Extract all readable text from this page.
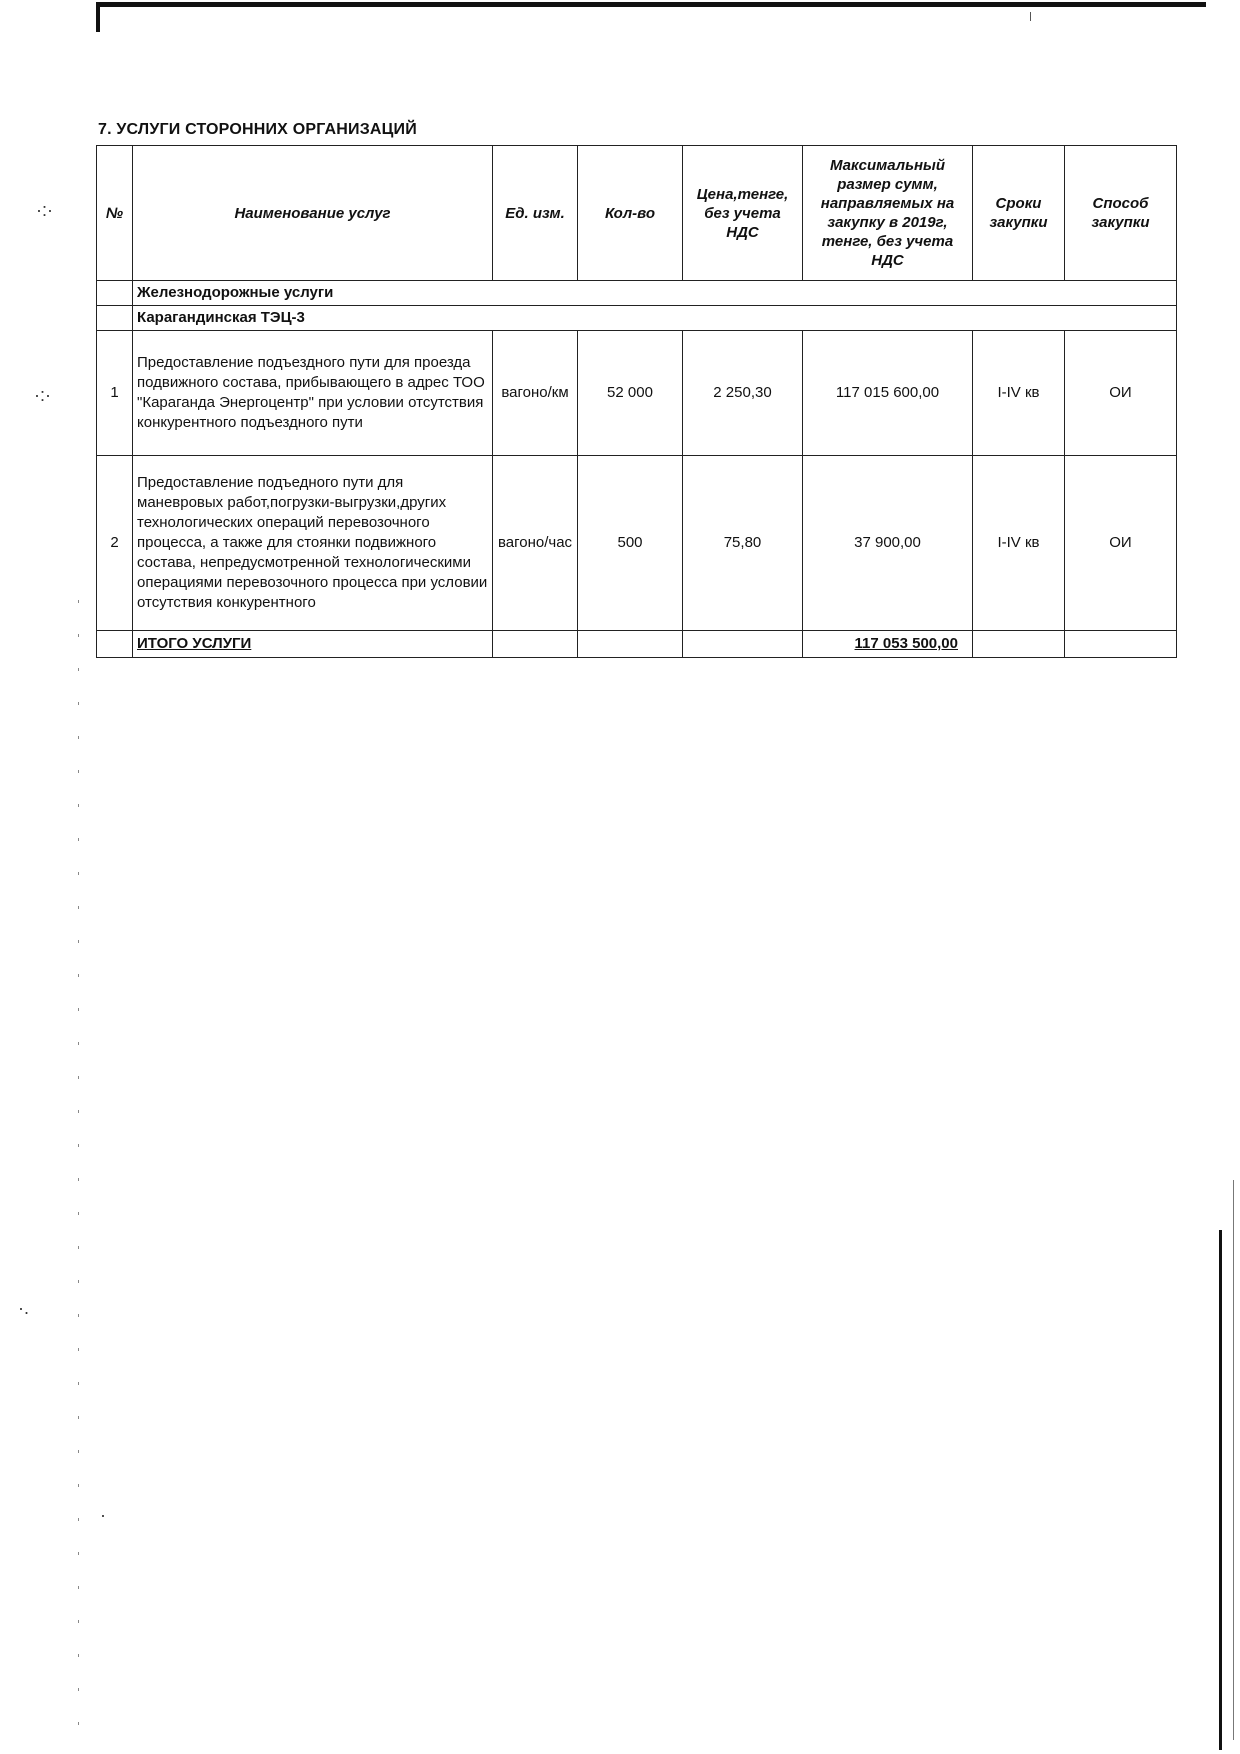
·:·
·:·
·.
·
7. УСЛУГИ СТОРОННИХ ОРГАНИЗАЦИЙ
№	Наименование услуг	Ед. изм.	Кол-во	Цена,тенге, без учета НДС	Максимальный размер сумм, направляемых на закупку в 2019г, тенге, без учета НДС	Сроки закупки	Способ закупки
	Железнодорожные услуги						
	Карагандинская ТЭЦ-3						
1	Предоставление подъездного пути для проезда подвижного состава, прибывающего в адрес ТОО "Караганда Энергоцентр" при условии отсутствия конкурентного подъездного пути	вагоно/км	52 000	2 250,30	117 015 600,00	I-IV кв	ОИ
2	Предоставление подъедного пути для маневровых работ,погрузки-выгрузки,других технологических операций перевозочного процесса, а также для стоянки подвижного состава, непредусмотренной технологическими операциями перевозочного процесса при условии отсутствия конкурентного	вагоно/час	500	75,80	37 900,00	I-IV кв	ОИ
	ИТОГО УСЛУГИ				117 053 500,00		
